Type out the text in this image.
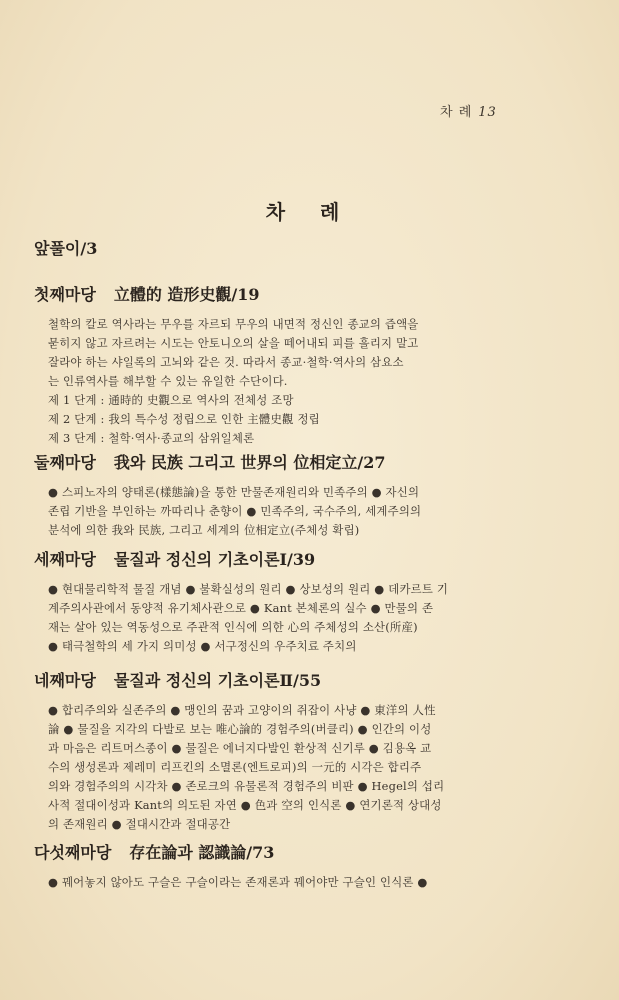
차 례 13
차 례
앞풀이/3
첫째마당 立體的 造形史觀/19
철학의 칼로 역사라는 무우를 자르되 무우의 내면적 정신인 종교의 즙액을
묻히지 않고 자르려는 시도는 안토니오의 살을 떼어내되 피를 흘리지 말고
잘라야 하는 샤일록의 고뇌와 같은 것. 따라서 종교·철학·역사의 삼요소
는 인류역사를 해부할 수 있는 유일한 수단이다.
제 1 단계 : 通時的 史觀으로 역사의 전체성 조망
제 2 단계 : 我의 특수성 정립으로 인한 主體史觀 정립
제 3 단계 : 철학·역사·종교의 삼위일체론
둘째마당 我와 民族 그리고 世界의 位相定立/27
● 스피노자의 양태론(樣態論)을 통한 만물존재원리와 민족주의 ● 자신의
존립 기반을 부인하는 까따리나 춘향이 ● 민족주의, 국수주의, 세계주의의
분석에 의한 我와 民族, 그리고 세계의 位相定立(주체성 확립)
세째마당 물질과 정신의 기초이론Ⅰ/39
● 현대물리학적 물질 개념 ● 불확실성의 원리 ● 상보성의 원리 ● 데카르트 기
계주의사관에서 동양적 유기체사관으로 ● Kant 본체론의 실수 ● 만물의 존
재는 살아 있는 역동성으로 주관적 인식에 의한 心의 주체성의 소산(所産)
● 태극철학의 세 가지 의미성 ● 서구정신의 우주치료 주치의
네째마당 물질과 정신의 기초이론Ⅱ/55
● 합리주의와 실존주의 ● 맹인의 꿈과 고양이의 쥐잡이 사냥 ● 東洋의 人性
論 ● 물질을 지각의 다발로 보는 唯心論的 경험주의(버클리) ● 인간의 이성
과 마음은 리트머스종이 ● 물질은 에너지다발인 환상적 신기루 ● 김용옥 교
수의 생성론과 제레미 리프킨의 소멸론(엔트로피)의 一元的 시각은 합리주
의와 경험주의의 시각차 ● 존로크의 유물론적 경험주의 비판 ● Hegel의 섭리
사적 절대이성과 Kant의 의도된 자연 ● 色과 空의 인식론 ● 연기론적 상대성
의 존재원리 ● 절대시간과 절대공간
다섯째마당 存在論과 認識論/73
● 꿰어놓지 않아도 구슬은 구슬이라는 존재론과 꿰어야만 구슬인 인식론 ●
